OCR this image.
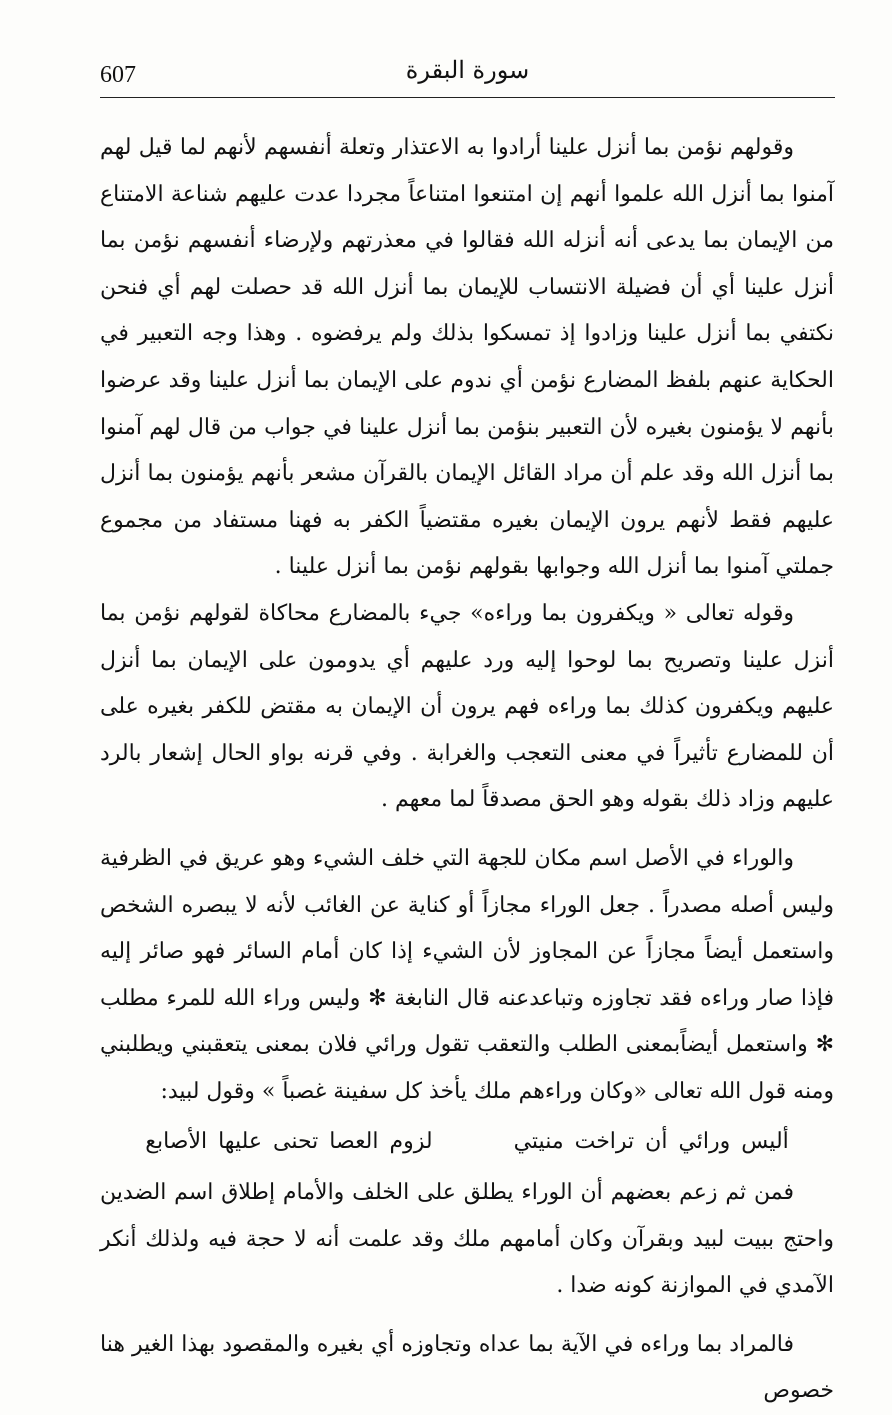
607	سورة البقرة

وقولهم نؤمن بما أنزل علينا أرادوا به الاعتذار وتعلة أنفسهم لأنهم لما قيل لهم آمنوا بما أنزل الله علموا أنهم إن امتنعوا امتناعاً مجردا عدت عليهم شناعة الامتناع من الإيمان بما يدعى أنه أنزله الله فقالوا في معذرتهم ولإرضاء أنفسهم نؤمن بما أنزل علينا أي أن فضيلة الانتساب للإيمان بما أنزل الله قد حصلت لهم أي فنحن نكتفي بما أنزل علينا وزادوا إذ تمسكوا بذلك ولم يرفضوه . وهذا وجه التعبير في الحكاية عنهم بلفظ المضارع نؤمن أي ندوم على الإيمان بما أنزل علينا وقد عرضوا بأنهم لا يؤمنون بغيره لأن التعبير بنؤمن بما أنزل علينا في جواب من قال لهم آمنوا بما أنزل الله وقد علم أن مراد القائل الإيمان بالقرآن مشعر بأنهم يؤمنون بما أنزل عليهم فقط لأنهم يرون الإيمان بغيره مقتضياً الكفر به فهنا مستفاد من مجموع جملتي آمنوا بما أنزل الله وجوابها بقولهم نؤمن بما أنزل علينا .

وقوله تعالى « ويكفرون بما وراءه» جيء بالمضارع محاكاة لقولهم نؤمن بما أنزل علينا وتصريح بما لوحوا إليه ورد عليهم أي يدومون على الإيمان بما أنزل عليهم ويكفرون كذلك بما وراءه فهم يرون أن الإيمان به مقتض للكفر بغيره على أن للمضارع تأثيراً في معنى التعجب والغرابة . وفي قرنه بواو الحال إشعار بالرد عليهم وزاد ذلك بقوله وهو الحق مصدقاً لما معهم .

والوراء في الأصل اسم مكان للجهة التي خلف الشيء وهو عريق في الظرفية وليس أصله مصدراً . جعل الوراء مجازاً أو كناية عن الغائب لأنه لا يبصره الشخص واستعمل أيضاً مجازاً عن المجاوز لأن الشيء إذا كان أمام السائر فهو صائر إليه فإذا صار وراءه فقد تجاوزه وتباعدعنه قال النابغة ✻ وليس وراء الله للمرء مطلب ✻ واستعمل أيضاًبمعنى الطلب والتعقب تقول ورائي فلان بمعنى يتعقبني ويطلبني ومنه قول الله تعالى «وكان وراءهم ملك يأخذ كل سفينة غصباً » وقول لبيد:

أليس ورائي أن تراخت منيتي لزوم العصا تحنى عليها الأصابع

فمن ثم زعم بعضهم أن الوراء يطلق على الخلف والأمام إطلاق اسم الضدين واحتج ببيت لبيد وبقرآن وكان أمامهم ملك وقد علمت أنه لا حجة فيه ولذلك أنكر الآمدي في الموازنة كونه ضدا .

فالمراد بما وراءه في الآية بما عداه وتجاوزه أي بغيره والمقصود بهذا الغير هنا خصوص
